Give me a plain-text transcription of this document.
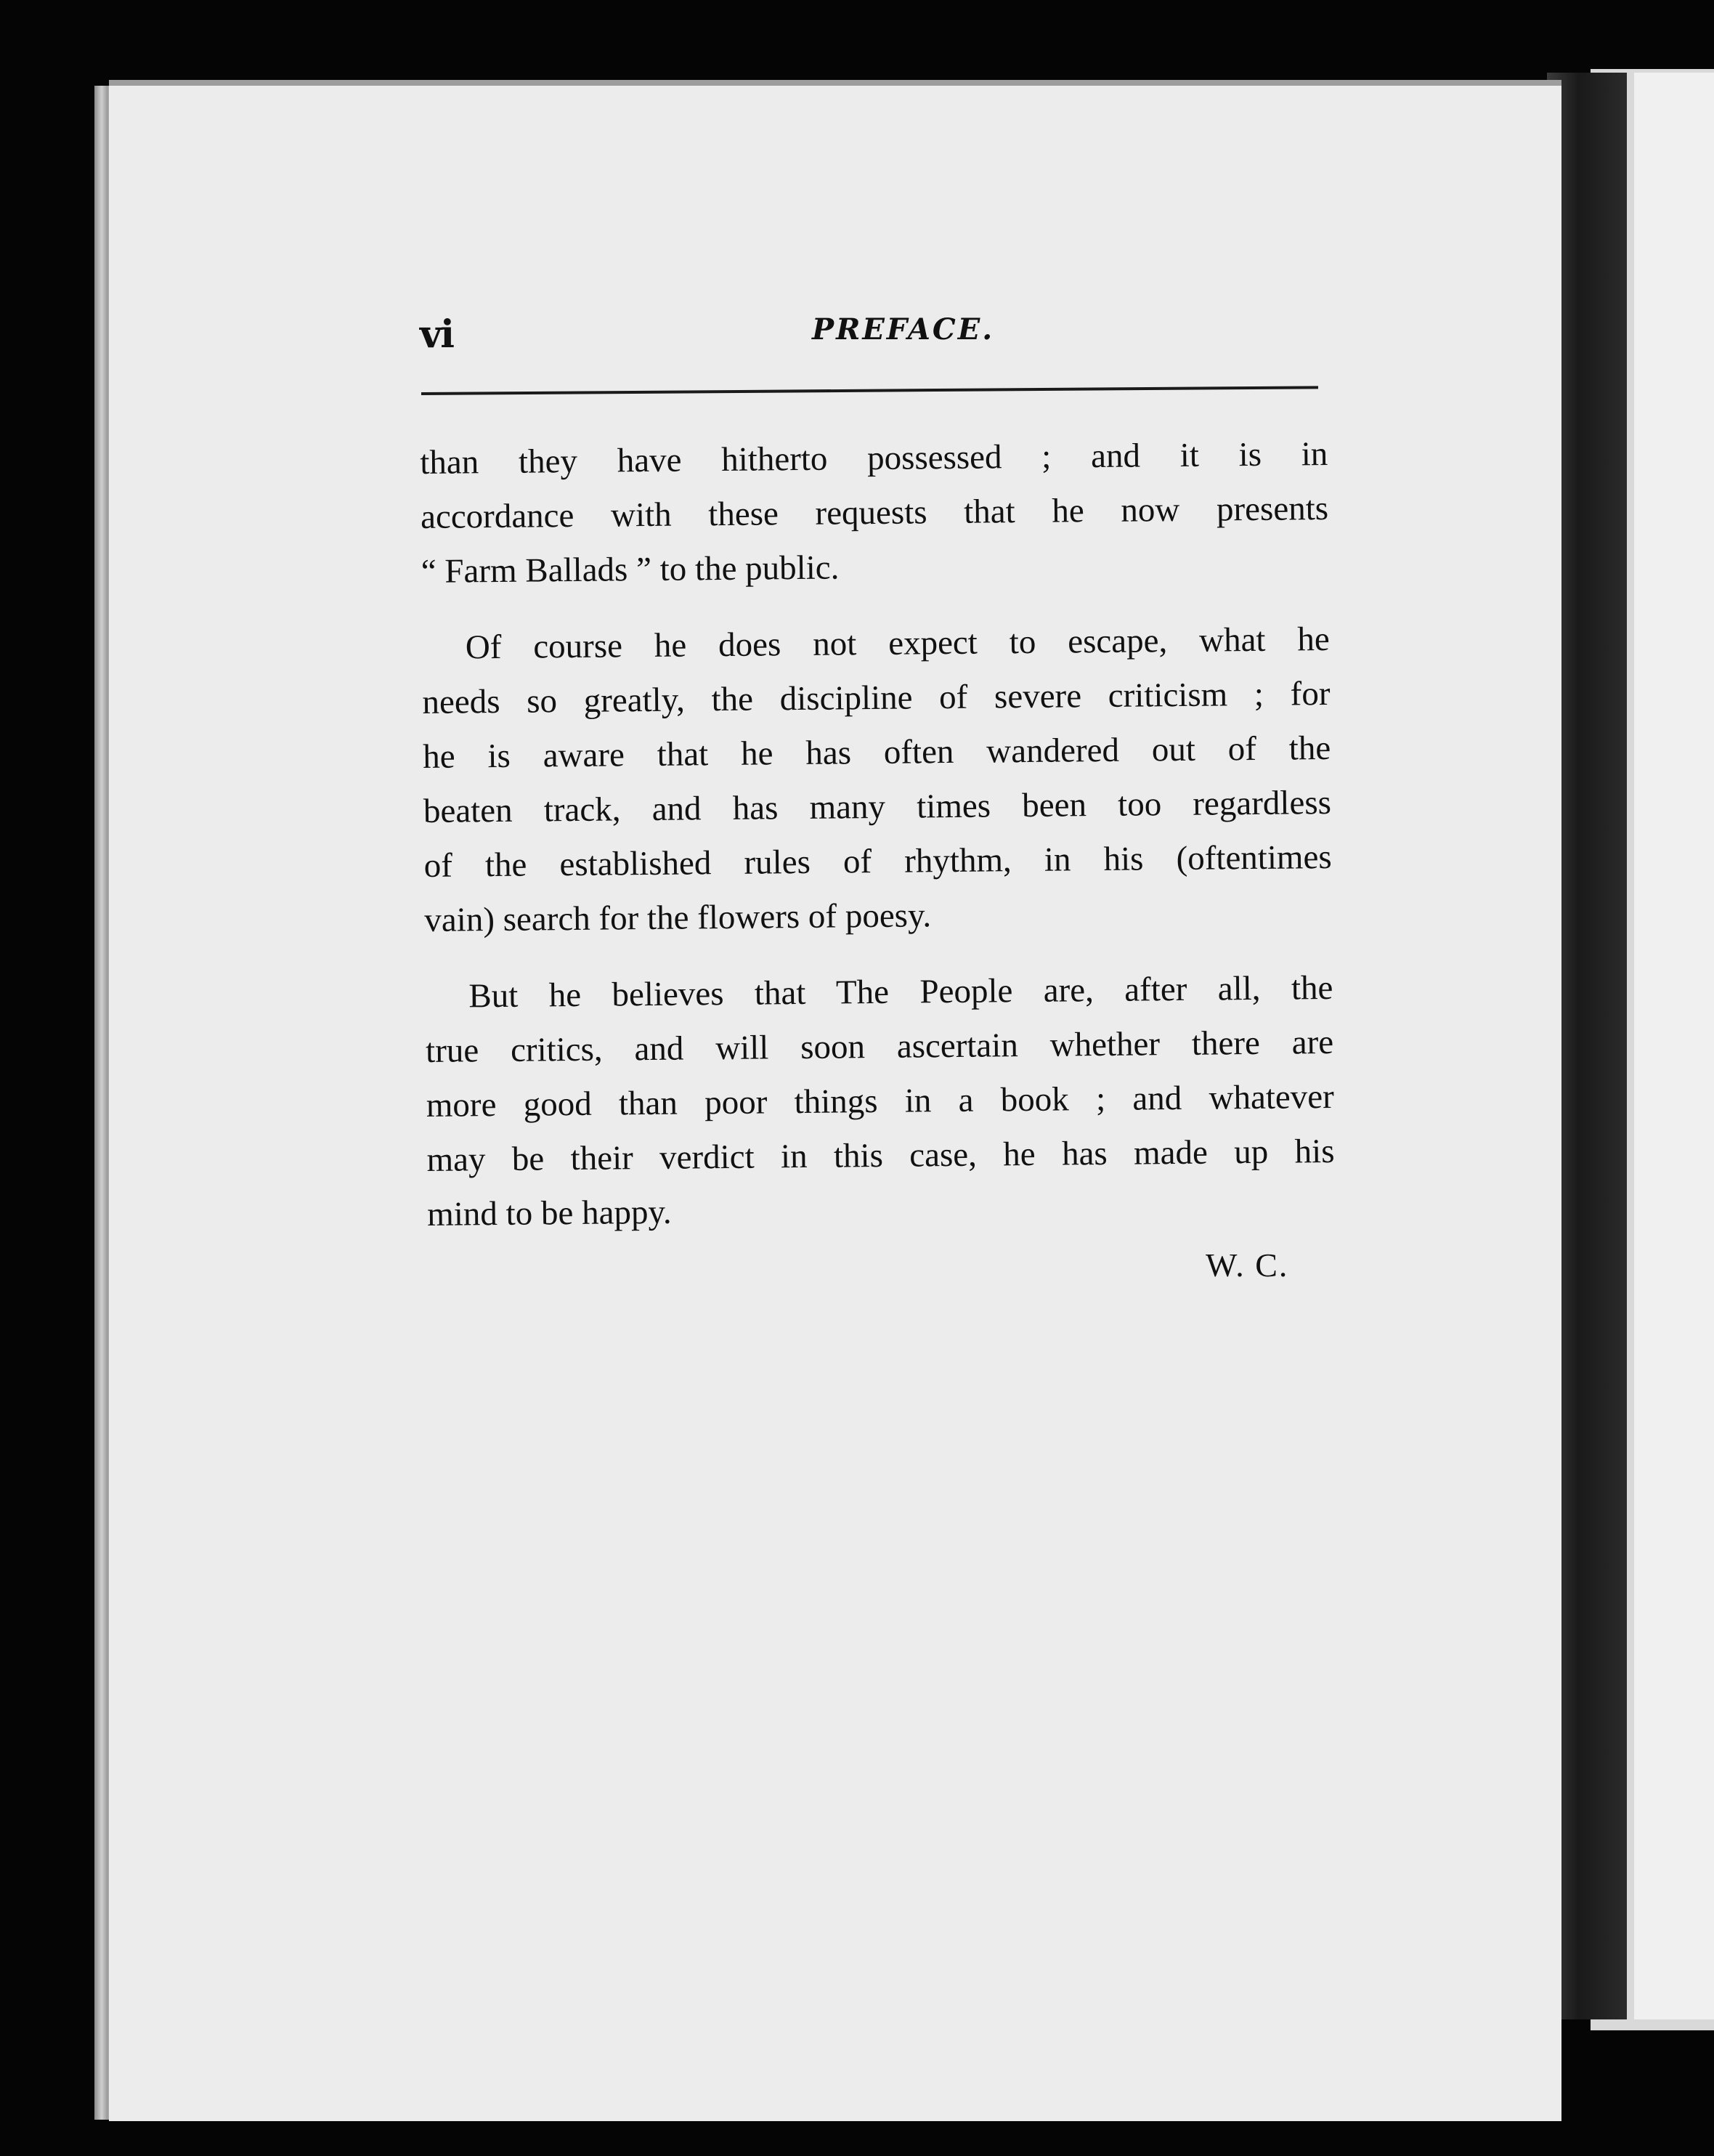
vi	PREFACE.

than they have hitherto possessed ; and it is in
accordance with these requests that he now presents
“ Farm Ballads ” to the public.

Of course he does not expect to escape, what he
needs so greatly, the discipline of severe criticism ; for
he is aware that he has often wandered out of the
beaten track, and has many times been too regardless
of the established rules of rhythm, in his (oftentimes
vain) search for the flowers of poesy.

But he believes that The People are, after all, the
true critics, and will soon ascertain whether there are
more good than poor things in a book ; and whatever
may be their verdict in this case, he has made up his
mind to be happy.

W. C.
